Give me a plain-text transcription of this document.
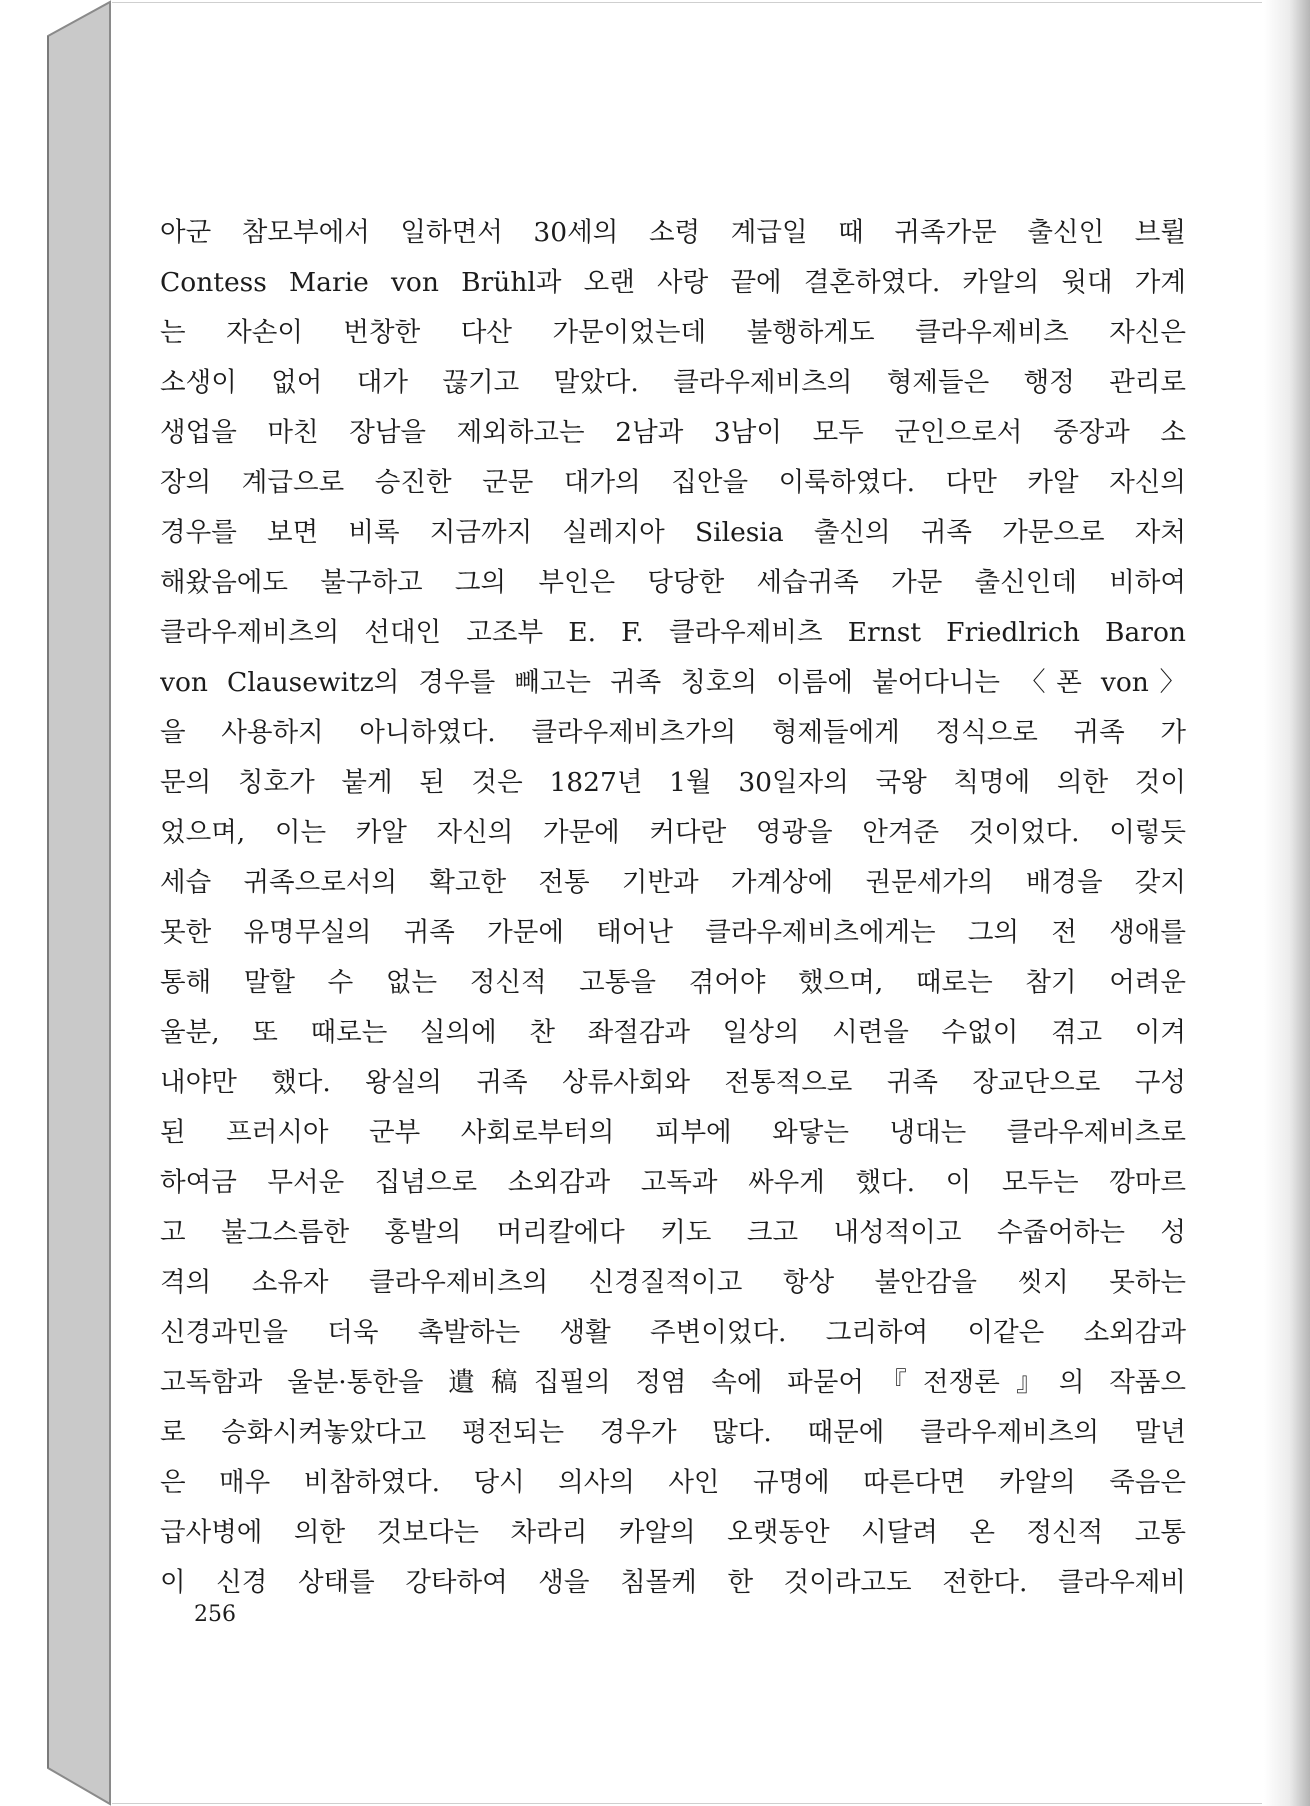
아군 참모부에서 일하면서 30세의 소령 계급일 때 귀족가문 출신인 브륄
Contess Marie von Brühl과 오랜 사랑 끝에 결혼하였다. 카알의 윗대 가계
는 자손이 번창한 다산 가문이었는데 불행하게도 클라우제비츠 자신은
소생이 없어 대가 끊기고 말았다. 클라우제비츠의 형제들은 행정 관리로
생업을 마친 장남을 제외하고는 2남과 3남이 모두 군인으로서 중장과 소
장의 계급으로 승진한 군문 대가의 집안을 이룩하였다. 다만 카알 자신의
경우를 보면 비록 지금까지 실레지아 Silesia 출신의 귀족 가문으로 자처
해왔음에도 불구하고 그의 부인은 당당한 세습귀족 가문 출신인데 비하여
클라우제비츠의 선대인 고조부 E. F. 클라우제비츠 Ernst Friedlrich Baron
von Clausewitz의 경우를 빼고는 귀족 칭호의 이름에 붙어다니는 〈폰 von〉
을 사용하지 아니하였다. 클라우제비츠가의 형제들에게 정식으로 귀족 가
문의 칭호가 붙게 된 것은 1827년 1월 30일자의 국왕 칙명에 의한 것이
었으며, 이는 카알 자신의 가문에 커다란 영광을 안겨준 것이었다. 이렇듯
세습 귀족으로서의 확고한 전통 기반과 가계상에 권문세가의 배경을 갖지
못한 유명무실의 귀족 가문에 태어난 클라우제비츠에게는 그의 전 생애를
통해 말할 수 없는 정신적 고통을 겪어야 했으며, 때로는 참기 어려운
울분, 또 때로는 실의에 찬 좌절감과 일상의 시련을 수없이 겪고 이겨
내야만 했다. 왕실의 귀족 상류사회와 전통적으로 귀족 장교단으로 구성
된 프러시아 군부 사회로부터의 피부에 와닿는 냉대는 클라우제비츠로
하여금 무서운 집념으로 소외감과 고독과 싸우게 했다. 이 모두는 깡마르
고 불그스름한 홍발의 머리칼에다 키도 크고 내성적이고 수줍어하는 성
격의 소유자 클라우제비츠의 신경질적이고 항상 불안감을 씻지 못하는
신경과민을 더욱 촉발하는 생활 주변이었다. 그리하여 이같은 소외감과
고독함과 울분·통한을 遺稿집필의 정염 속에 파묻어『전쟁론』의 작품으
로 승화시켜놓았다고 평전되는 경우가 많다. 때문에 클라우제비츠의 말년
은 매우 비참하였다. 당시 의사의 사인 규명에 따른다면 카알의 죽음은
급사병에 의한 것보다는 차라리 카알의 오랫동안 시달려 온 정신적 고통
이 신경 상태를 강타하여 생을 침몰케 한 것이라고도 전한다. 클라우제비
256
